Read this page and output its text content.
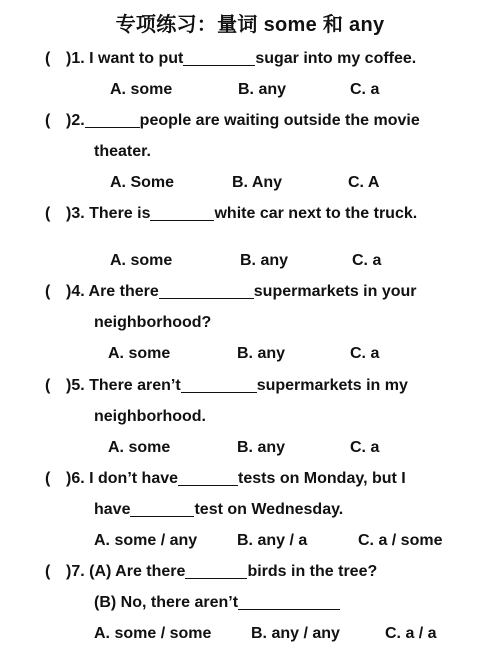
专项练习：量词 some 和 any
( )1. I want to put	sugar into my coffee.
A. some	B. any	C. a
( )2.	people are waiting outside the movie
theater.
A. Some	B. Any	C. A
( )3. There is	white car next to the truck.
A. some	B. any	C. a
( )4. Are there	supermarkets in your
neighborhood?
A. some	B. any	C. a
( )5. There aren’t	supermarkets in my
neighborhood.
A. some	B. any	C. a
( )6. I don’t have	tests on Monday, but I
have	test on Wednesday.
A. some / any B. any / a	C. a / some
( )7. (A) Are there	birds in the tree?
(B) No, there aren’t
A. some / some B. any / any	C. a / a
